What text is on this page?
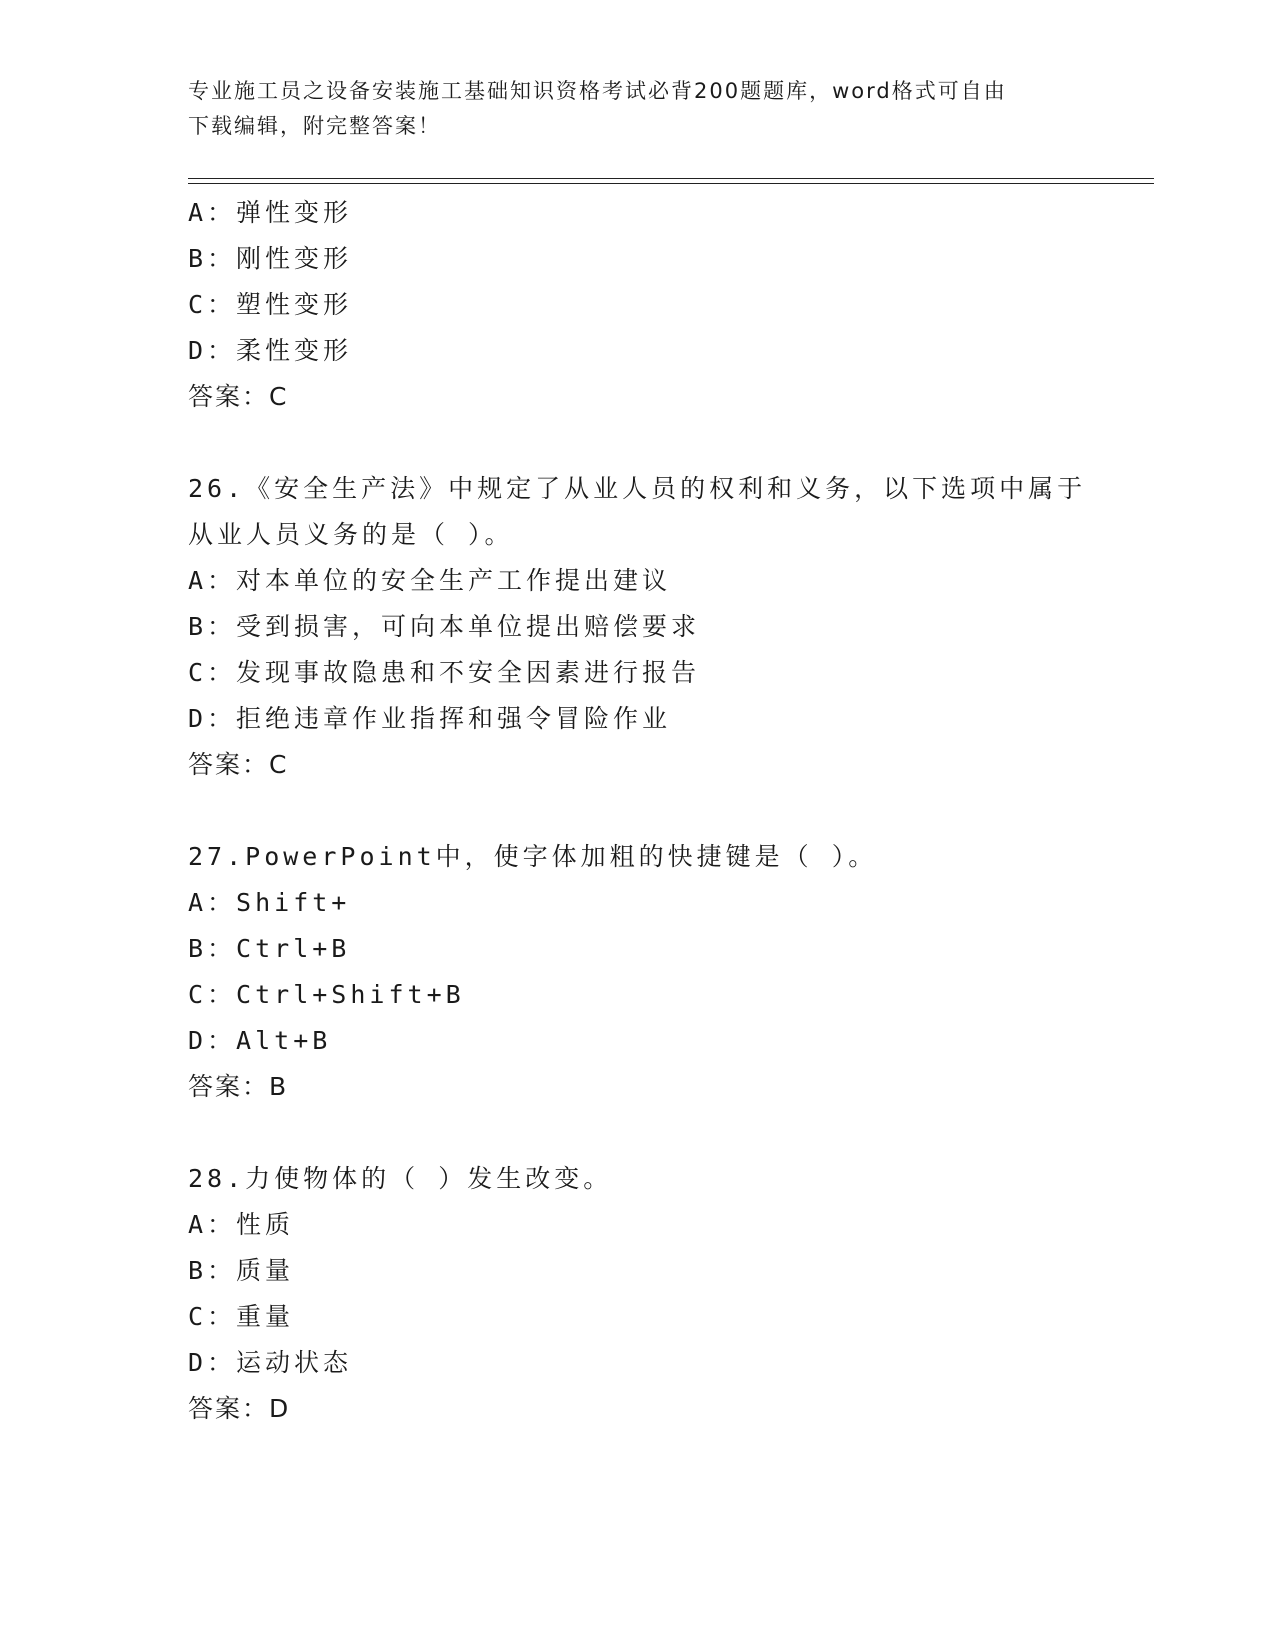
专业施工员之设备安装施工基础知识资格考试必背200题题库，word格式可自由
下载编辑，附完整答案！
A：弹性变形
B：刚性变形
C：塑性变形
D：柔性变形
答案：C
26.《安全生产法》中规定了从业人员的权利和义务，以下选项中属于
从业人员义务的是（ ）。
A：对本单位的安全生产工作提出建议
B：受到损害，可向本单位提出赔偿要求
C：发现事故隐患和不安全因素进行报告
D：拒绝违章作业指挥和强令冒险作业
答案：C
27.PowerPoint中，使字体加粗的快捷键是（ ）。
A：Shift+
B：Ctrl+B
C：Ctrl+Shift+B
D：Alt+B
答案：B
28.力使物体的（ ）发生改变。
A：性质
B：质量
C：重量
D：运动状态
答案：D
